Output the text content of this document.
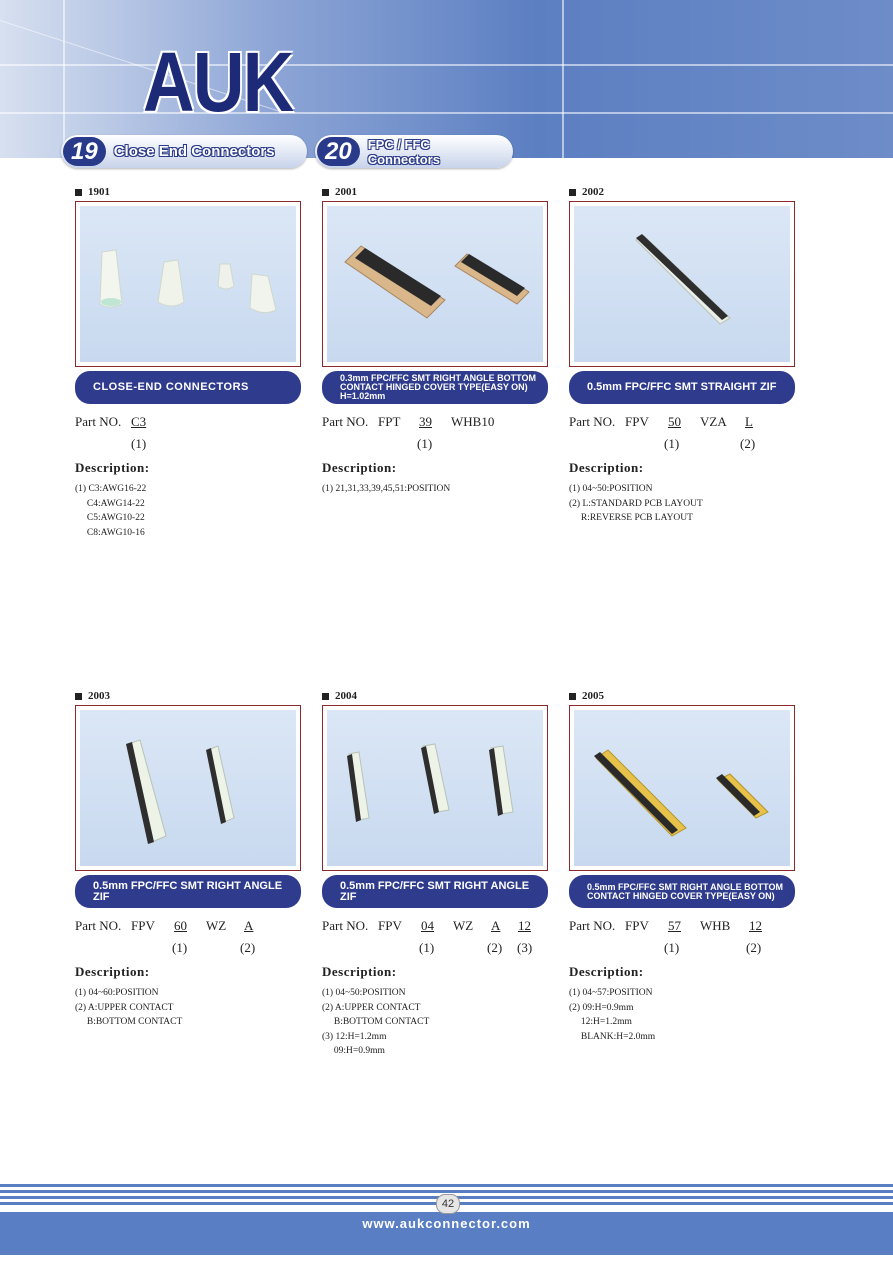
AUK
19	Close End Connectors	20	FPC / FFC Connectors
1901
CLOSE-END CONNECTORS
Part NO. C3
(1)
Description:
(1) C3:AWG16-22
C4:AWG14-22
C5:AWG10-22
C8:AWG10-16
2001
0.3mm FPC/FFC SMT RIGHT ANGLE BOTTOM CONTACT HINGED COVER TYPE(EASY ON) H=1.02mm
Part NO. FPT 39 WHB10
(1)
Description:
(1) 21,31,33,39,45,51:POSITION
2002
0.5mm FPC/FFC SMT STRAIGHT ZIF
Part NO. FPV 50 VZA L
(1)	(2)
Description:
(1) 04~50:POSITION
(2) L:STANDARD PCB LAYOUT
R:REVERSE PCB LAYOUT
2003
0.5mm FPC/FFC SMT RIGHT ANGLE ZIF
Part NO. FPV 60 WZ A
(1)	(2)
Description:
(1) 04~60:POSITION
(2) A:UPPER CONTACT
B:BOTTOM CONTACT
2004
0.5mm FPC/FFC SMT RIGHT ANGLE ZIF
Part NO. FPV 04 WZ A 12
(1)	(2) (3)
Description:
(1) 04~50:POSITION
(2) A:UPPER CONTACT
B:BOTTOM CONTACT
(3) 12:H=1.2mm
09:H=0.9mm
2005
0.5mm FPC/FFC SMT RIGHT ANGLE BOTTOM CONTACT HINGED COVER TYPE(EASY ON)
Part NO. FPV 57 WHB 12
(1)	(2)
Description:
(1) 04~57:POSITION
(2) 09:H=0.9mm
12:H=1.2mm
BLANK:H=2.0mm
42
www.aukconnector.com
